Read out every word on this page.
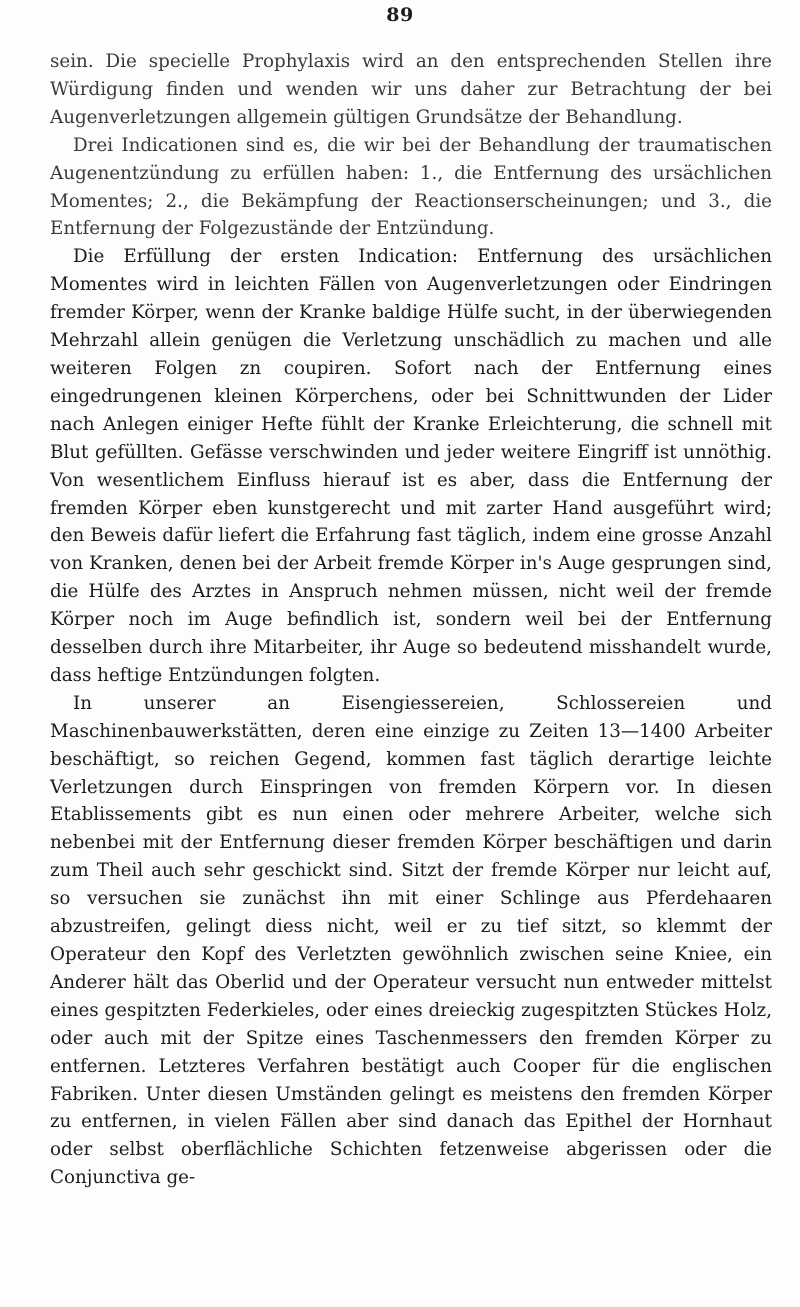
89

sein. Die specielle Prophylaxis wird an den entsprechenden Stellen ihre Würdigung finden und wenden wir uns daher zur Betrachtung der bei Augenverletzungen allgemein gültigen Grundsätze der Behandlung.

Drei Indicationen sind es, die wir bei der Behandlung der traumatischen Augenentzündung zu erfüllen haben: 1., die Entfernung des ursächlichen Momentes; 2., die Bekämpfung der Reactionserscheinungen; und 3., die Entfernung der Folgezustände der Entzündung.

Die Erfüllung der ersten Indication: Entfernung des ursächlichen Momentes wird in leichten Fällen von Augenverletzungen oder Eindringen fremder Körper, wenn der Kranke baldige Hülfe sucht, in der überwiegenden Mehrzahl allein genügen die Verletzung unschädlich zu machen und alle weiteren Folgen zn coupiren. Sofort nach der Entfernung eines eingedrungenen kleinen Körperchens, oder bei Schnittwunden der Lider nach Anlegen einiger Hefte fühlt der Kranke Erleichterung, die schnell mit Blut gefüllten. Gefässe verschwinden und jeder weitere Eingriff ist unnöthig. Von wesentlichem Einfluss hierauf ist es aber, dass die Entfernung der fremden Körper eben kunstgerecht und mit zarter Hand ausgeführt wird; den Beweis dafür liefert die Erfahrung fast täglich, indem eine grosse Anzahl von Kranken, denen bei der Arbeit fremde Körper in's Auge gesprungen sind, die Hülfe des Arztes in Anspruch nehmen müssen, nicht weil der fremde Körper noch im Auge befindlich ist, sondern weil bei der Entfernung desselben durch ihre Mitarbeiter, ihr Auge so bedeutend misshandelt wurde, dass heftige Entzündungen folgten.

In unserer an Eisengiessereien, Schlossereien und Maschinenbauwerkstätten, deren eine einzige zu Zeiten 13—1400 Arbeiter beschäftigt, so reichen Gegend, kommen fast täglich derartige leichte Verletzungen durch Einspringen von fremden Körpern vor. In diesen Etablissements gibt es nun einen oder mehrere Arbeiter, welche sich nebenbei mit der Entfernung dieser fremden Körper beschäftigen und darin zum Theil auch sehr geschickt sind. Sitzt der fremde Körper nur leicht auf, so versuchen sie zunächst ihn mit einer Schlinge aus Pferdehaaren abzustreifen, gelingt diess nicht, weil er zu tief sitzt, so klemmt der Operateur den Kopf des Verletzten gewöhnlich zwischen seine Kniee, ein Anderer hält das Oberlid und der Operateur versucht nun entweder mittelst eines gespitzten Federkieles, oder eines dreieckig zugespitzten Stückes Holz, oder auch mit der Spitze eines Taschenmessers den fremden Körper zu entfernen. Letzteres Verfahren bestätigt auch Cooper für die englischen Fabriken. Unter diesen Umständen gelingt es meistens den fremden Körper zu entfernen, in vielen Fällen aber sind danach das Epithel der Hornhaut oder selbst oberflächliche Schichten fetzenweise abgerissen oder die Conjunctiva ge-
